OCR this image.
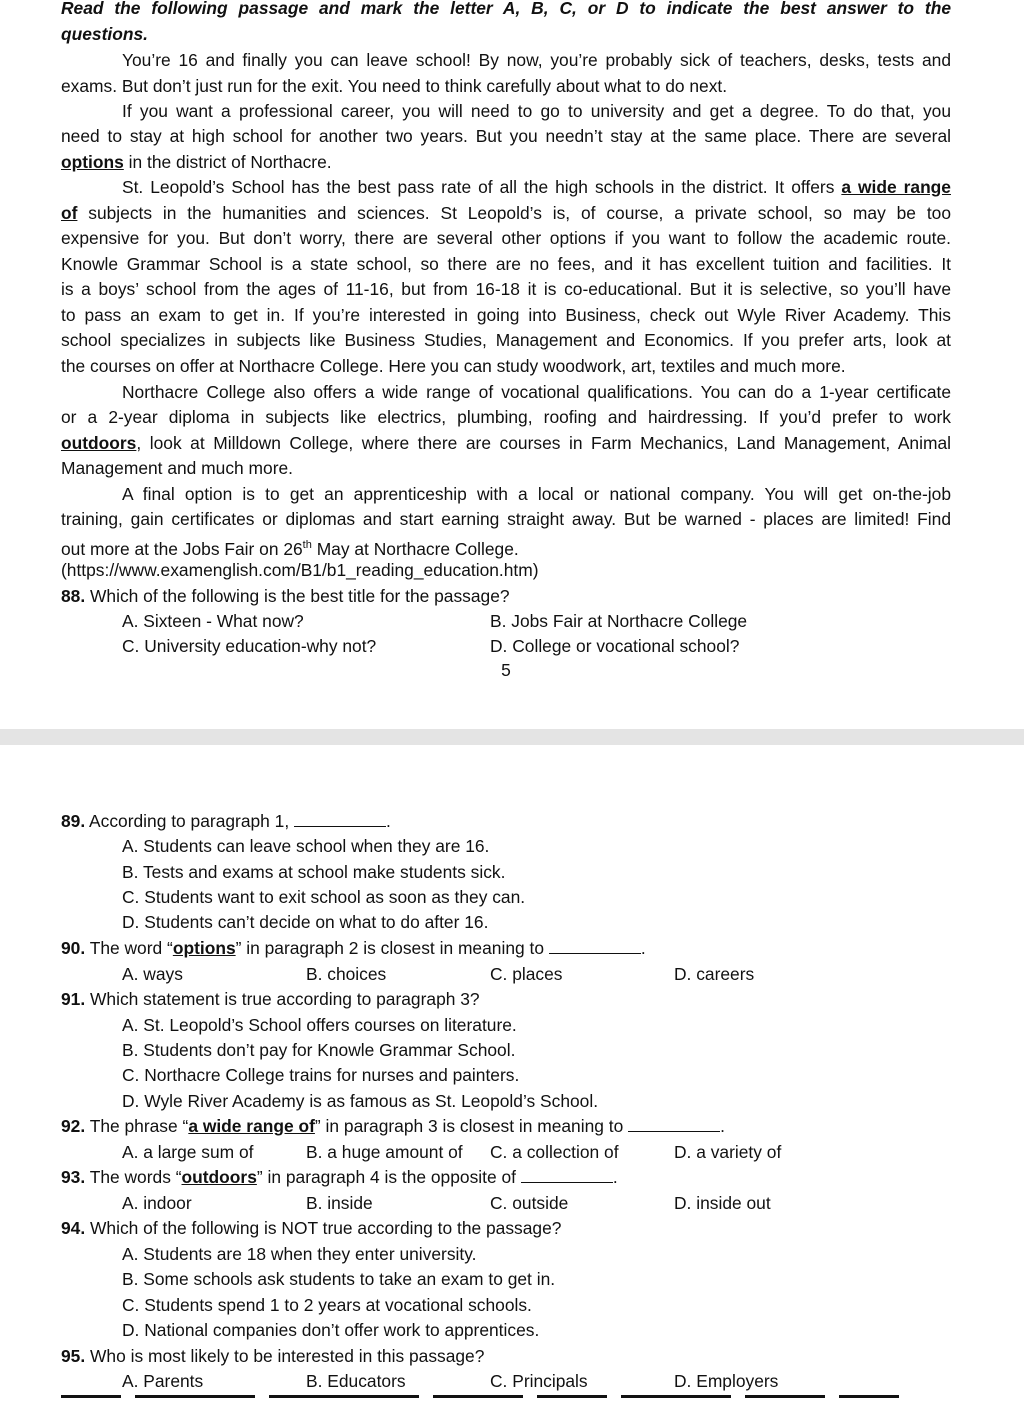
Read the following passage and mark the letter A, B, C, or D to indicate the best answer to the
questions.
You’re 16 and finally you can leave school! By now, you’re probably sick of teachers, desks, tests and
exams. But don’t just run for the exit. You need to think carefully about what to do next.
If you want a professional career, you will need to go to university and get a degree. To do that, you
need to stay at high school for another two years. But you needn’t stay at the same place. There are several
options in the district of Northacre.
St. Leopold’s School has the best pass rate of all the high schools in the district. It offers a wide range
of subjects in the humanities and sciences. St Leopold’s is, of course, a private school, so may be too
expensive for you. But don’t worry, there are several other options if you want to follow the academic route.
Knowle Grammar School is a state school, so there are no fees, and it has excellent tuition and facilities. It
is a boys’ school from the ages of 11-16, but from 16-18 it is co-educational. But it is selective, so you’ll have
to pass an exam to get in. If you’re interested in going into Business, check out Wyle River Academy. This
school specializes in subjects like Business Studies, Management and Economics. If you prefer arts, look at
the courses on offer at Northacre College. Here you can study woodwork, art, textiles and much more.
Northacre College also offers a wide range of vocational qualifications. You can do a 1-year certificate
or a 2-year diploma in subjects like electrics, plumbing, roofing and hairdressing. If you’d prefer to work
outdoors, look at Milldown College, where there are courses in Farm Mechanics, Land Management, Animal
Management and much more.
A final option is to get an apprenticeship with a local or national company. You will get on-the-job
training, gain certificates or diplomas and start earning straight away. But be warned - places are limited! Find
out more at the Jobs Fair on 26th May at Northacre College.
(https://www.examenglish.com/B1/b1_reading_education.htm)
88. Which of the following is the best title for the passage?
A. Sixteen - What now?	B. Jobs Fair at Northacre College
C. University education-why not?	D. College or vocational school?
5
89. According to paragraph 1,	.
A. Students can leave school when they are 16.
B. Tests and exams at school make students sick.
C. Students want to exit school as soon as they can.
D. Students can’t decide on what to do after 16.
90. The word “options” in paragraph 2 is closest in meaning to	.
A. ways	B. choices	C. places	D. careers
91. Which statement is true according to paragraph 3?
A. St. Leopold’s School offers courses on literature.
B. Students don’t pay for Knowle Grammar School.
C. Northacre College trains for nurses and painters.
D. Wyle River Academy is as famous as St. Leopold’s School.
92. The phrase “a wide range of” in paragraph 3 is closest in meaning to	.
A. a large sum of	B. a huge amount of C. a collection of	D. a variety of
93. The words “outdoors” in paragraph 4 is the opposite of	.
A. indoor	B. inside	C. outside	D. inside out
94. Which of the following is NOT true according to the passage?
A. Students are 18 when they enter university.
B. Some schools ask students to take an exam to get in.
C. Students spend 1 to 2 years at vocational schools.
D. National companies don’t offer work to apprentices.
95. Who is most likely to be interested in this passage?
A. Parents	B. Educators	C. Principals	D. Employers
